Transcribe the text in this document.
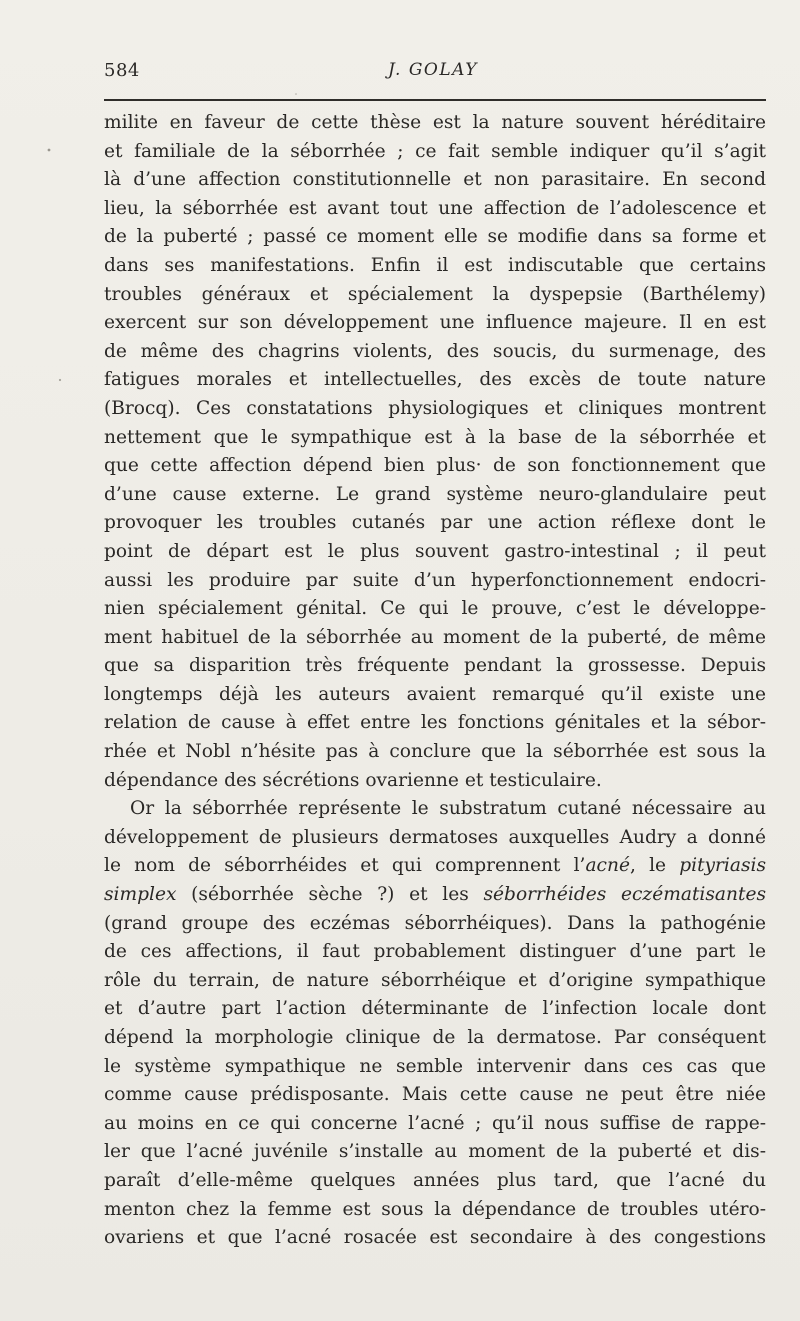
584	J. GOLAY
milite en faveur de cette thèse est la nature souvent héréditaire
et familiale de la séborrhée ; ce fait semble indiquer qu’il s’agit
là d’une affection constitutionnelle et non parasitaire. En second
lieu, la séborrhée est avant tout une affection de l’adolescence et
de la puberté ; passé ce moment elle se modifie dans sa forme et
dans ses manifestations. Enfin il est indiscutable que certains
troubles généraux et spécialement la dyspepsie (Barthélemy)
exercent sur son développement une influence majeure. Il en est
de même des chagrins violents, des soucis, du surmenage, des
fatigues morales et intellectuelles, des excès de toute nature
(Brocq). Ces constatations physiologiques et cliniques montrent
nettement que le sympathique est à la base de la séborrhée et
que cette affection dépend bien plus· de son fonctionnement que
d’une cause externe. Le grand système neuro-glandulaire peut
provoquer les troubles cutanés par une action réflexe dont le
point de départ est le plus souvent gastro-intestinal ; il peut
aussi les produire par suite d’un hyperfonctionnement endocri-
nien spécialement génital. Ce qui le prouve, c’est le développe-
ment habituel de la séborrhée au moment de la puberté, de même
que sa disparition très fréquente pendant la grossesse. Depuis
longtemps déjà les auteurs avaient remarqué qu’il existe une
relation de cause à effet entre les fonctions génitales et la sébor-
rhée et Nobl n’hésite pas à conclure que la séborrhée est sous la
dépendance des sécrétions ovarienne et testiculaire.
Or la séborrhée représente le substratum cutané nécessaire au
développement de plusieurs dermatoses auxquelles Audry a donné
le nom de séborrhéides et qui comprennent l’acné, le pityriasis
simplex (séborrhée sèche ?) et les séborrhéides eczématisantes
(grand groupe des eczémas séborrhéiques). Dans la pathogénie
de ces affections, il faut probablement distinguer d’une part le
rôle du terrain, de nature séborrhéique et d’origine sympathique
et d’autre part l’action déterminante de l’infection locale dont
dépend la morphologie clinique de la dermatose. Par conséquent
le système sympathique ne semble intervenir dans ces cas que
comme cause prédisposante. Mais cette cause ne peut être niée
au moins en ce qui concerne l’acné ; qu’il nous suffise de rappe-
ler que l’acné juvénile s’installe au moment de la puberté et dis-
paraît d’elle-même quelques années plus tard, que l’acné du
menton chez la femme est sous la dépendance de troubles utéro-
ovariens et que l’acné rosacée est secondaire à des congestions
